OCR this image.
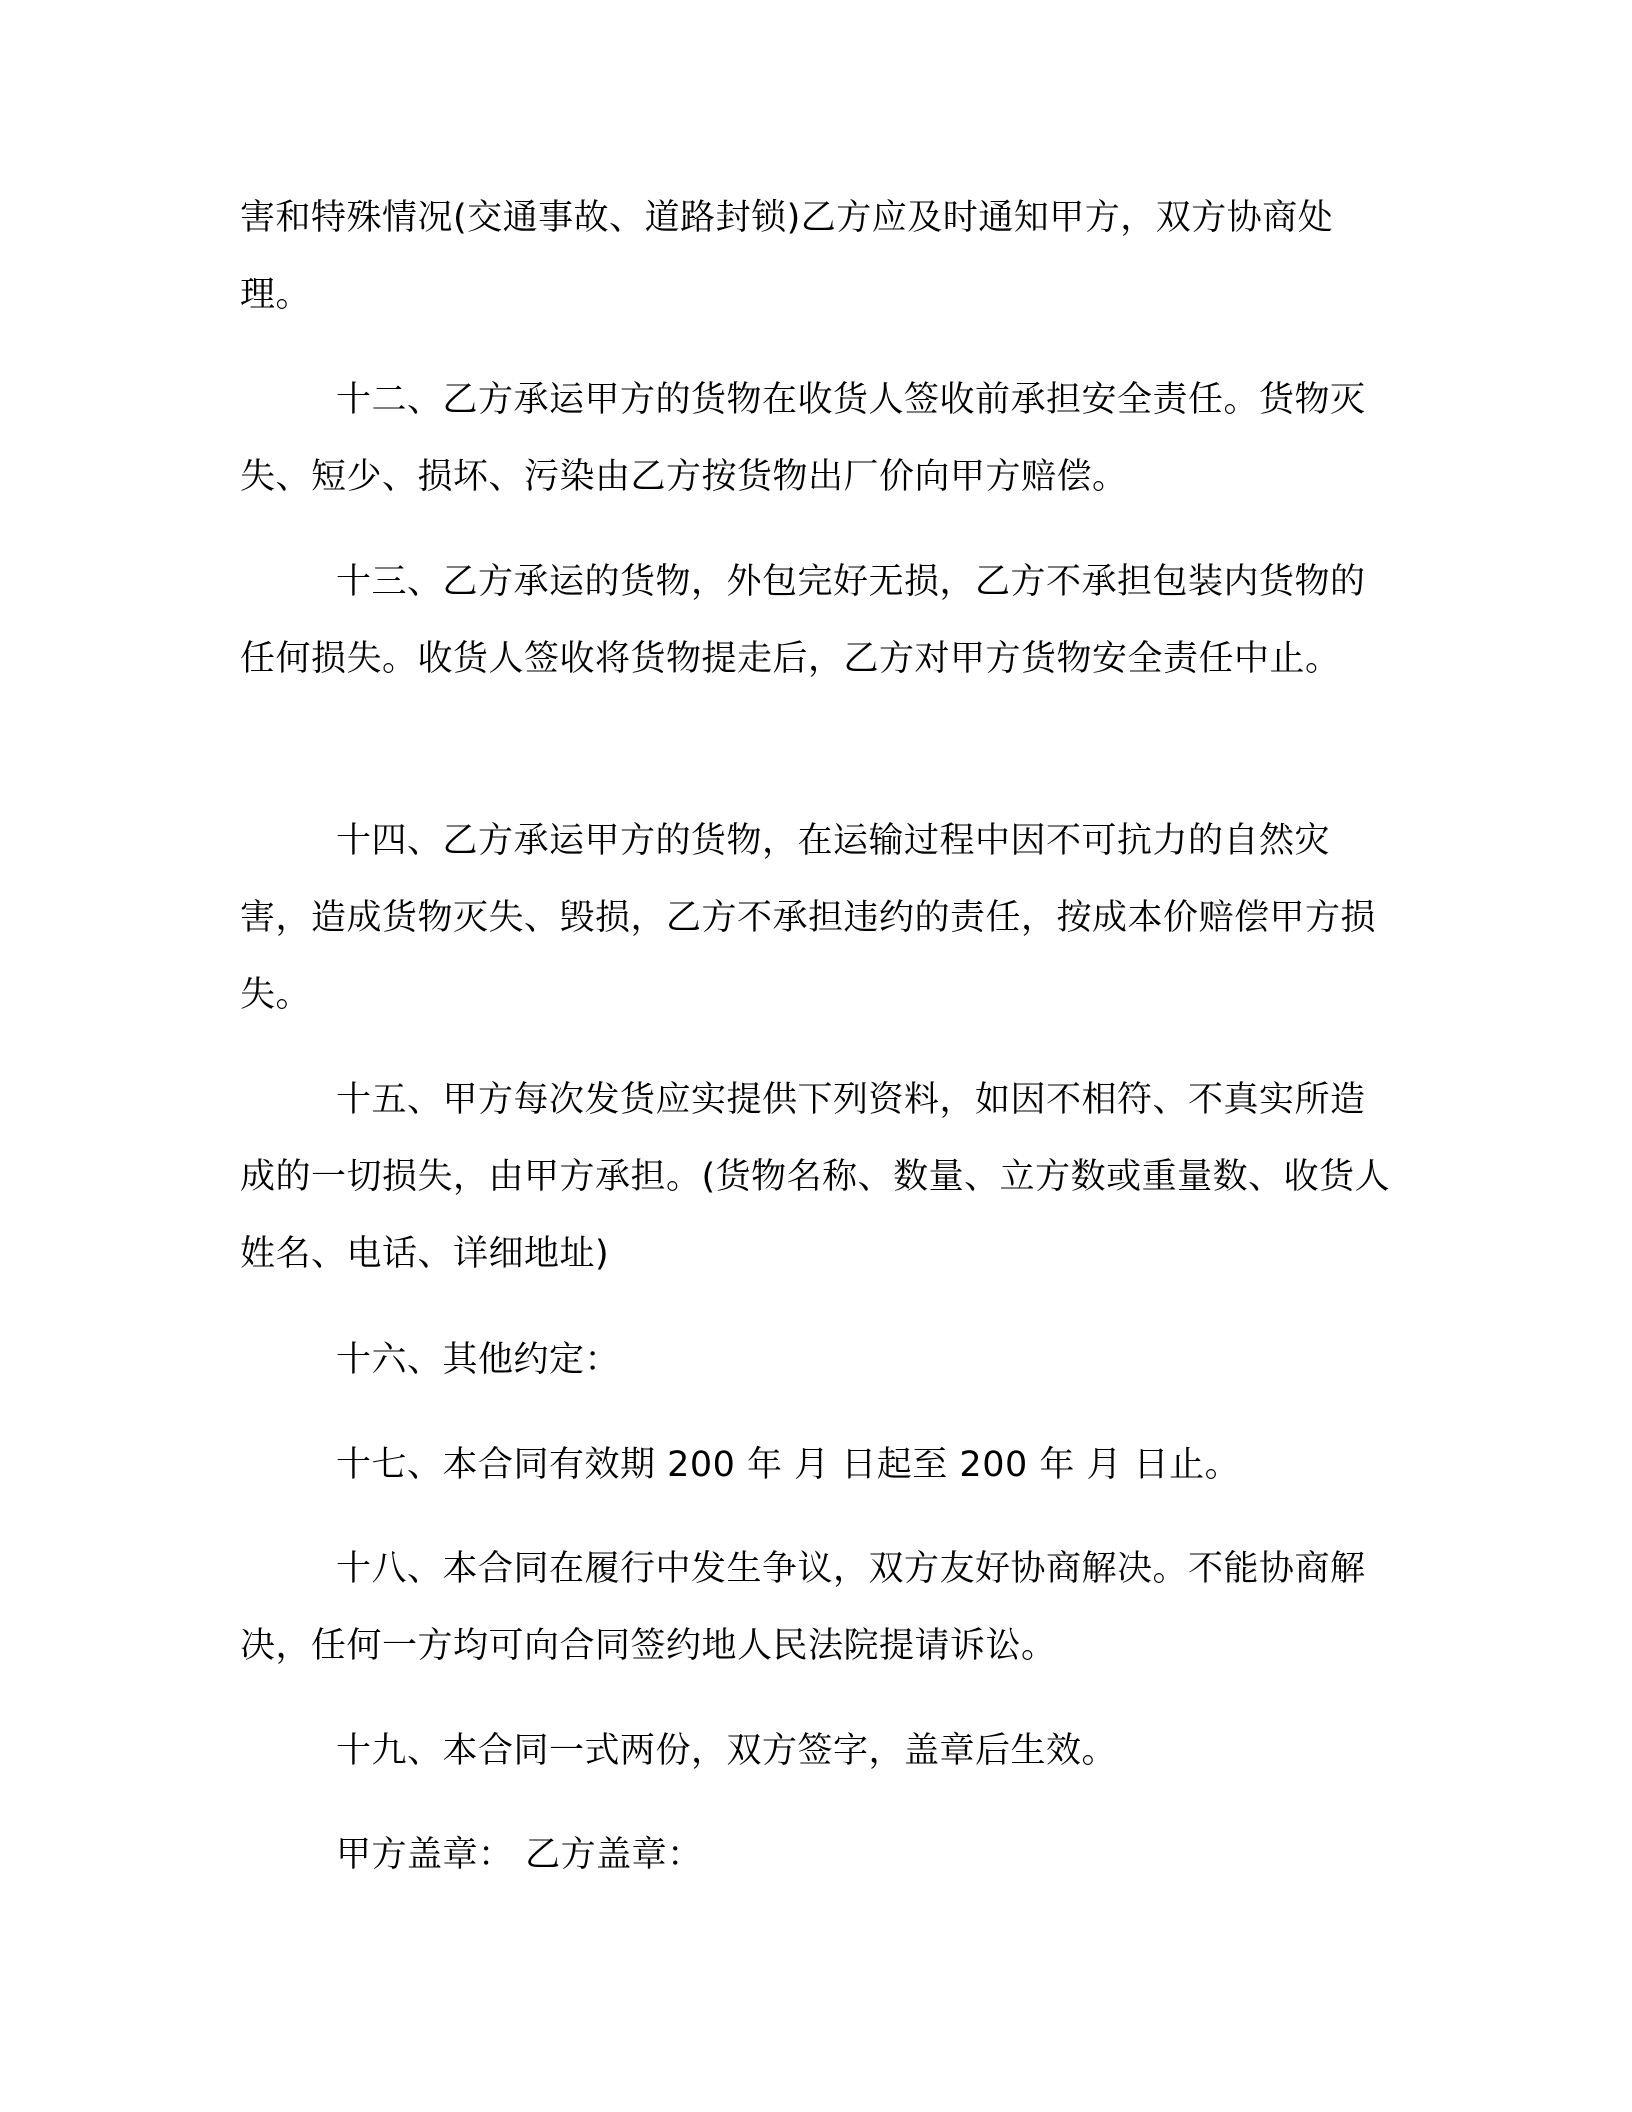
害和特殊情况(交通事故、道路封锁)乙方应及时通知甲方，双方协商处理。

十二、乙方承运甲方的货物在收货人签收前承担安全责任。货物灭失、短少、损坏、污染由乙方按货物出厂价向甲方赔偿。

十三、乙方承运的货物，外包完好无损，乙方不承担包装内货物的任何损失。收货人签收将货物提走后，乙方对甲方货物安全责任中止。

十四、乙方承运甲方的货物，在运输过程中因不可抗力的自然灾害，造成货物灭失、毁损，乙方不承担违约的责任，按成本价赔偿甲方损失。

十五、甲方每次发货应实提供下列资料，如因不相符、不真实所造成的一切损失，由甲方承担。(货物名称、数量、立方数或重量数、收货人姓名、电话、详细地址)

十六、其他约定：

十七、本合同有效期 200 年 月 日起至 200 年 月 日止。

十八、本合同在履行中发生争议，双方友好协商解决。不能协商解决，任何一方均可向合同签约地人民法院提请诉讼。

十九、本合同一式两份，双方签字，盖章后生效。

甲方盖章： 乙方盖章：
